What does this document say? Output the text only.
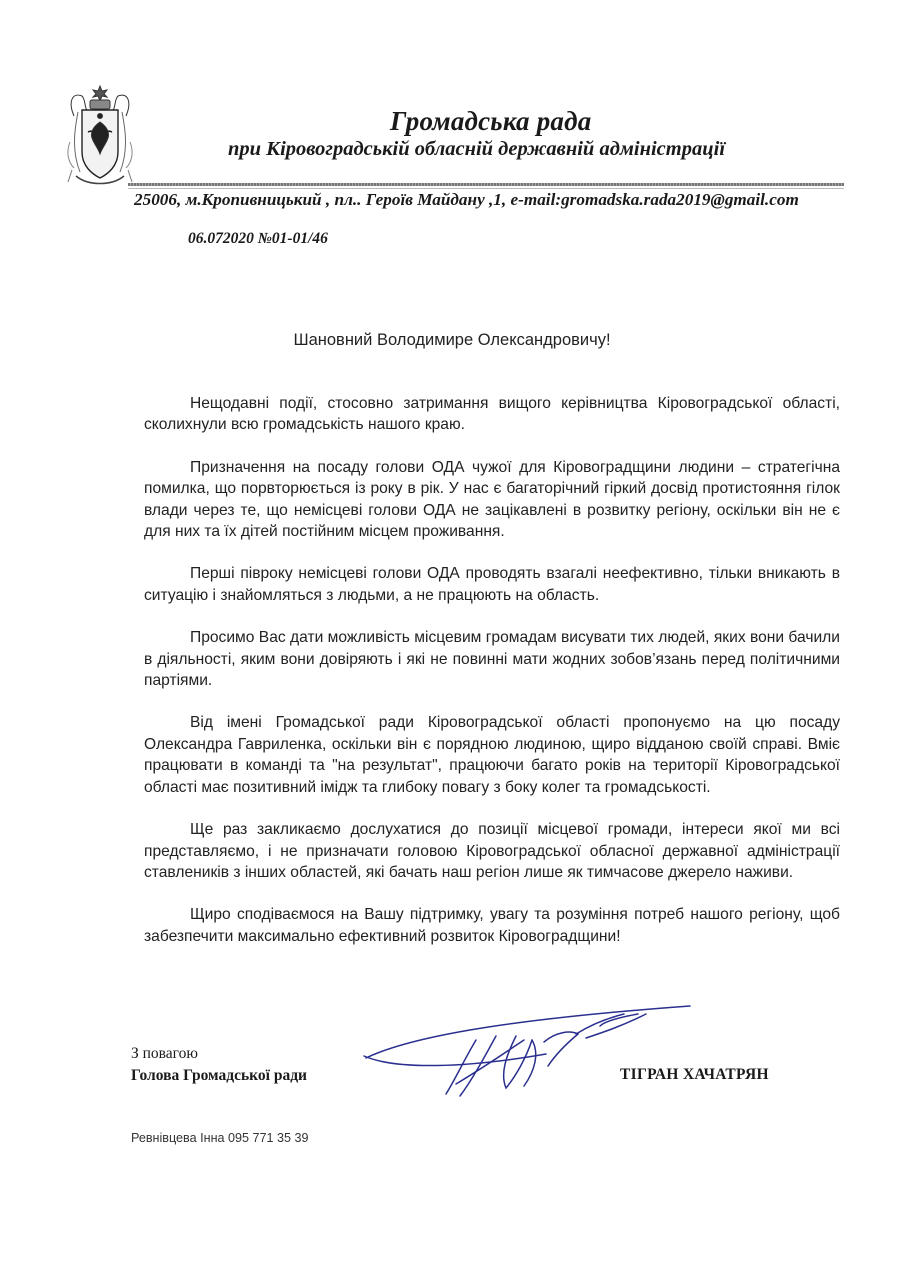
Громадська рада
при Кіровоградській обласній державній адміністрації
25006, м.Кропивницький , пл.. Героїв Майдану ,1, e-mail:gromadska.rada2019@gmail.com
06.072020 №01-01/46
Шановний Володимире Олександровичу!

Нещодавні події, стосовно затримання вищого керівництва Кіровоградської області, сколихнули всю громадськість нашого краю.

Призначення на посаду голови ОДА чужої для Кіровоградщини людини – стратегічна помилка, що порвторюється із року в рік. У нас є багаторічний гіркий досвід протистояння гілок влади через те, що немісцеві голови ОДА не зацікавлені в розвитку регіону, оскільки він не є для них та їх дітей постійним місцем проживання.

Перші півроку немісцеві голови ОДА проводять взагалі неефективно, тільки вникають в ситуацію і знайомляться з людьми, а не працюють на область.

Просимо Вас дати можливість місцевим громадам висувати тих людей, яких вони бачили в діяльності, яким вони довіряють і які не повинні мати жодних зобов’язань перед політичними партіями.

Від імені Громадської ради Кіровоградської області пропонуємо на цю посаду Олександра Гавриленка, оскільки він є порядною людиною, щиро відданою своїй справі. Вміє працювати в команді та "на результат", працюючи багато років на території Кіровоградської області має позитивний імідж та глибоку повагу з боку колег та громадськості.

Ще раз закликаємо дослухатися до позиції місцевої громади, інтереси якої ми всі представляємо, і не призначати головою Кіровоградської обласної державної адміністрації ставлеників з інших областей, які бачать наш регіон лише як тимчасове джерело наживи.

Щиро сподіваємося на Вашу підтримку, увагу та розуміння потреб нашого регіону, щоб забезпечити максимально ефективний розвиток Кіровоградщини!

З повагою
Голова Громадської ради	ТІГРАН ХАЧАТРЯН
Ревнівцева Інна 095 771 35 39
